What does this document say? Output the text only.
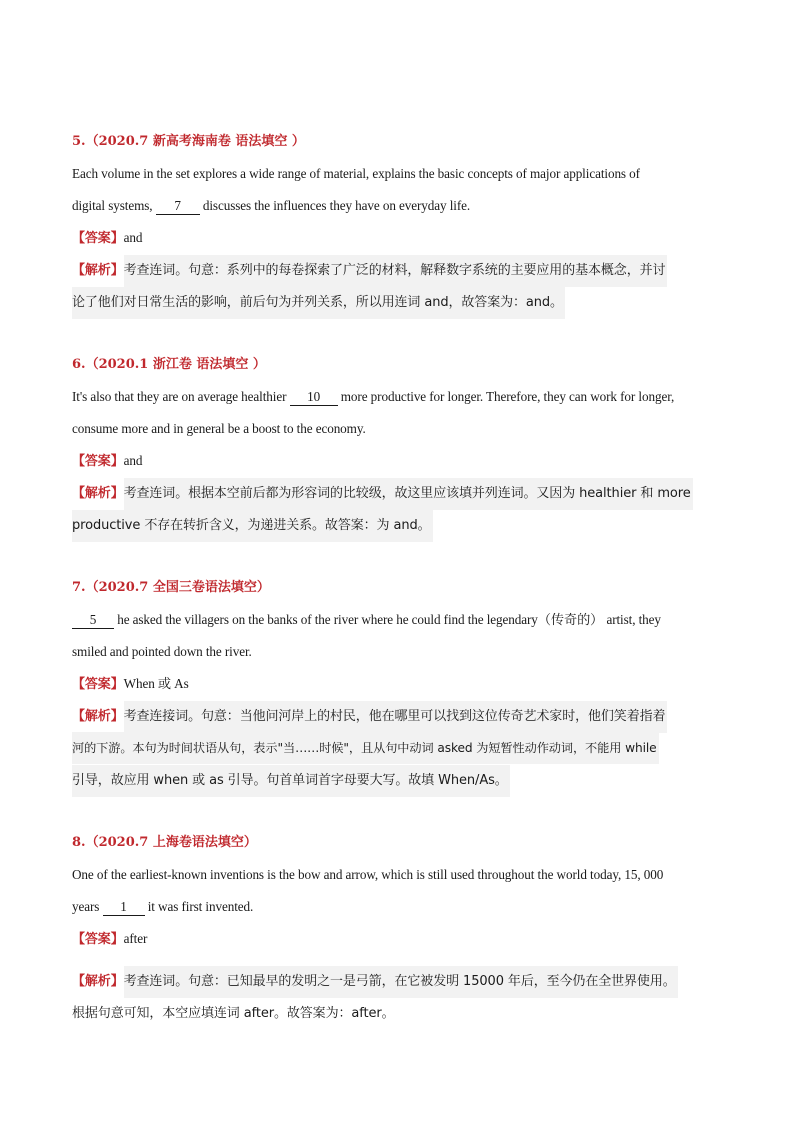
5.（2020.7 新高考海南卷 语法填空 ）
Each volume in the set explores a wide range of material, explains the basic concepts of major applications of
digital systems, 7 discusses the influences they have on everyday life.
【答案】and
【解析】考查连词。句意：系列中的每卷探索了广泛的材料，解释数字系统的主要应用的基本概念，并讨
论了他们对日常生活的影响，前后句为并列关系，所以用连词 and，故答案为：and。
6.（2020.1 浙江卷 语法填空 ）
It's also that they are on average healthier 10 more productive for longer. Therefore, they can work for longer,
consume more and in general be a boost to the economy.
【答案】and
【解析】考查连词。根据本空前后都为形容词的比较级，故这里应该填并列连词。又因为 healthier 和 more
productive 不存在转折含义，为递进关系。故答案：为 and。
7.（2020.7 全国三卷语法填空）
5 he asked the villagers on the banks of the river where he could find the legendary（传奇的） artist, they
smiled and pointed down the river.
【答案】When 或 As
【解析】考查连接词。句意：当他问河岸上的村民，他在哪里可以找到这位传奇艺术家时，他们笑着指着
河的下游。本句为时间状语从句，表示"当……时候"，且从句中动词 asked 为短暂性动作动词，不能用 while
引导，故应用 when 或 as 引导。句首单词首字母要大写。故填 When/As。
8.（2020.7 上海卷语法填空）
One of the earliest-known inventions is the bow and arrow, which is still used throughout the world today, 15, 000
years 1 it was first invented.
【答案】after
【解析】考查连词。句意：已知最早的发明之一是弓箭，在它被发明 15000 年后，至今仍在全世界使用。
根据句意可知，本空应填连词 after。故答案为：after。
